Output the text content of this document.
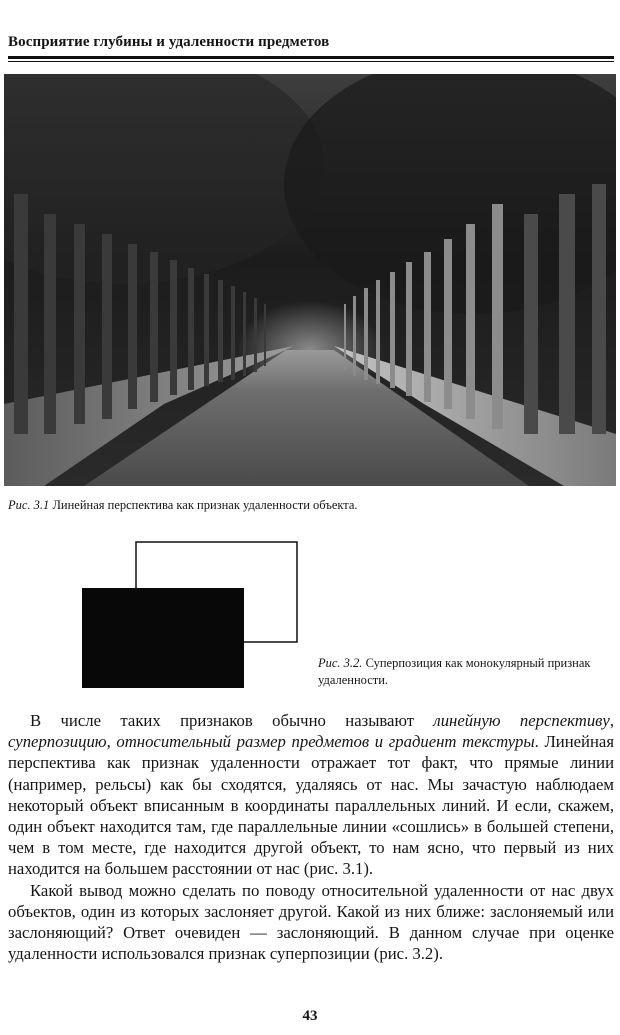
Восприятие глубины и удаленности предметов
Рис. 3.1 Линейная перспектива как признак удаленности объекта.
Рис. 3.2. Суперпозиция как монокулярный признак удаленности.

В числе таких признаков обычно называют линейную перспективу, суперпозицию, относительный размер предметов и градиент текстуры. Линейная перспектива как признак удаленности отражает тот факт, что прямые линии (например, рельсы) как бы сходятся, удаляясь от нас. Мы зачастую наблюдаем некоторый объект вписанным в координаты параллельных линий. И если, скажем, один объект находится там, где параллельные линии «сошлись» в большей степени, чем в том месте, где находится другой объект, то нам ясно, что первый из них находится на большем расстоянии от нас (рис. 3.1).

Какой вывод можно сделать по поводу относительной удаленности от нас двух объектов, один из которых заслоняет другой. Какой из них ближе: заслоняемый или заслоняющий? Ответ очевиден — заслоняющий. В данном случае при оценке удаленности использовался признак суперпозиции (рис. 3.2).

43
